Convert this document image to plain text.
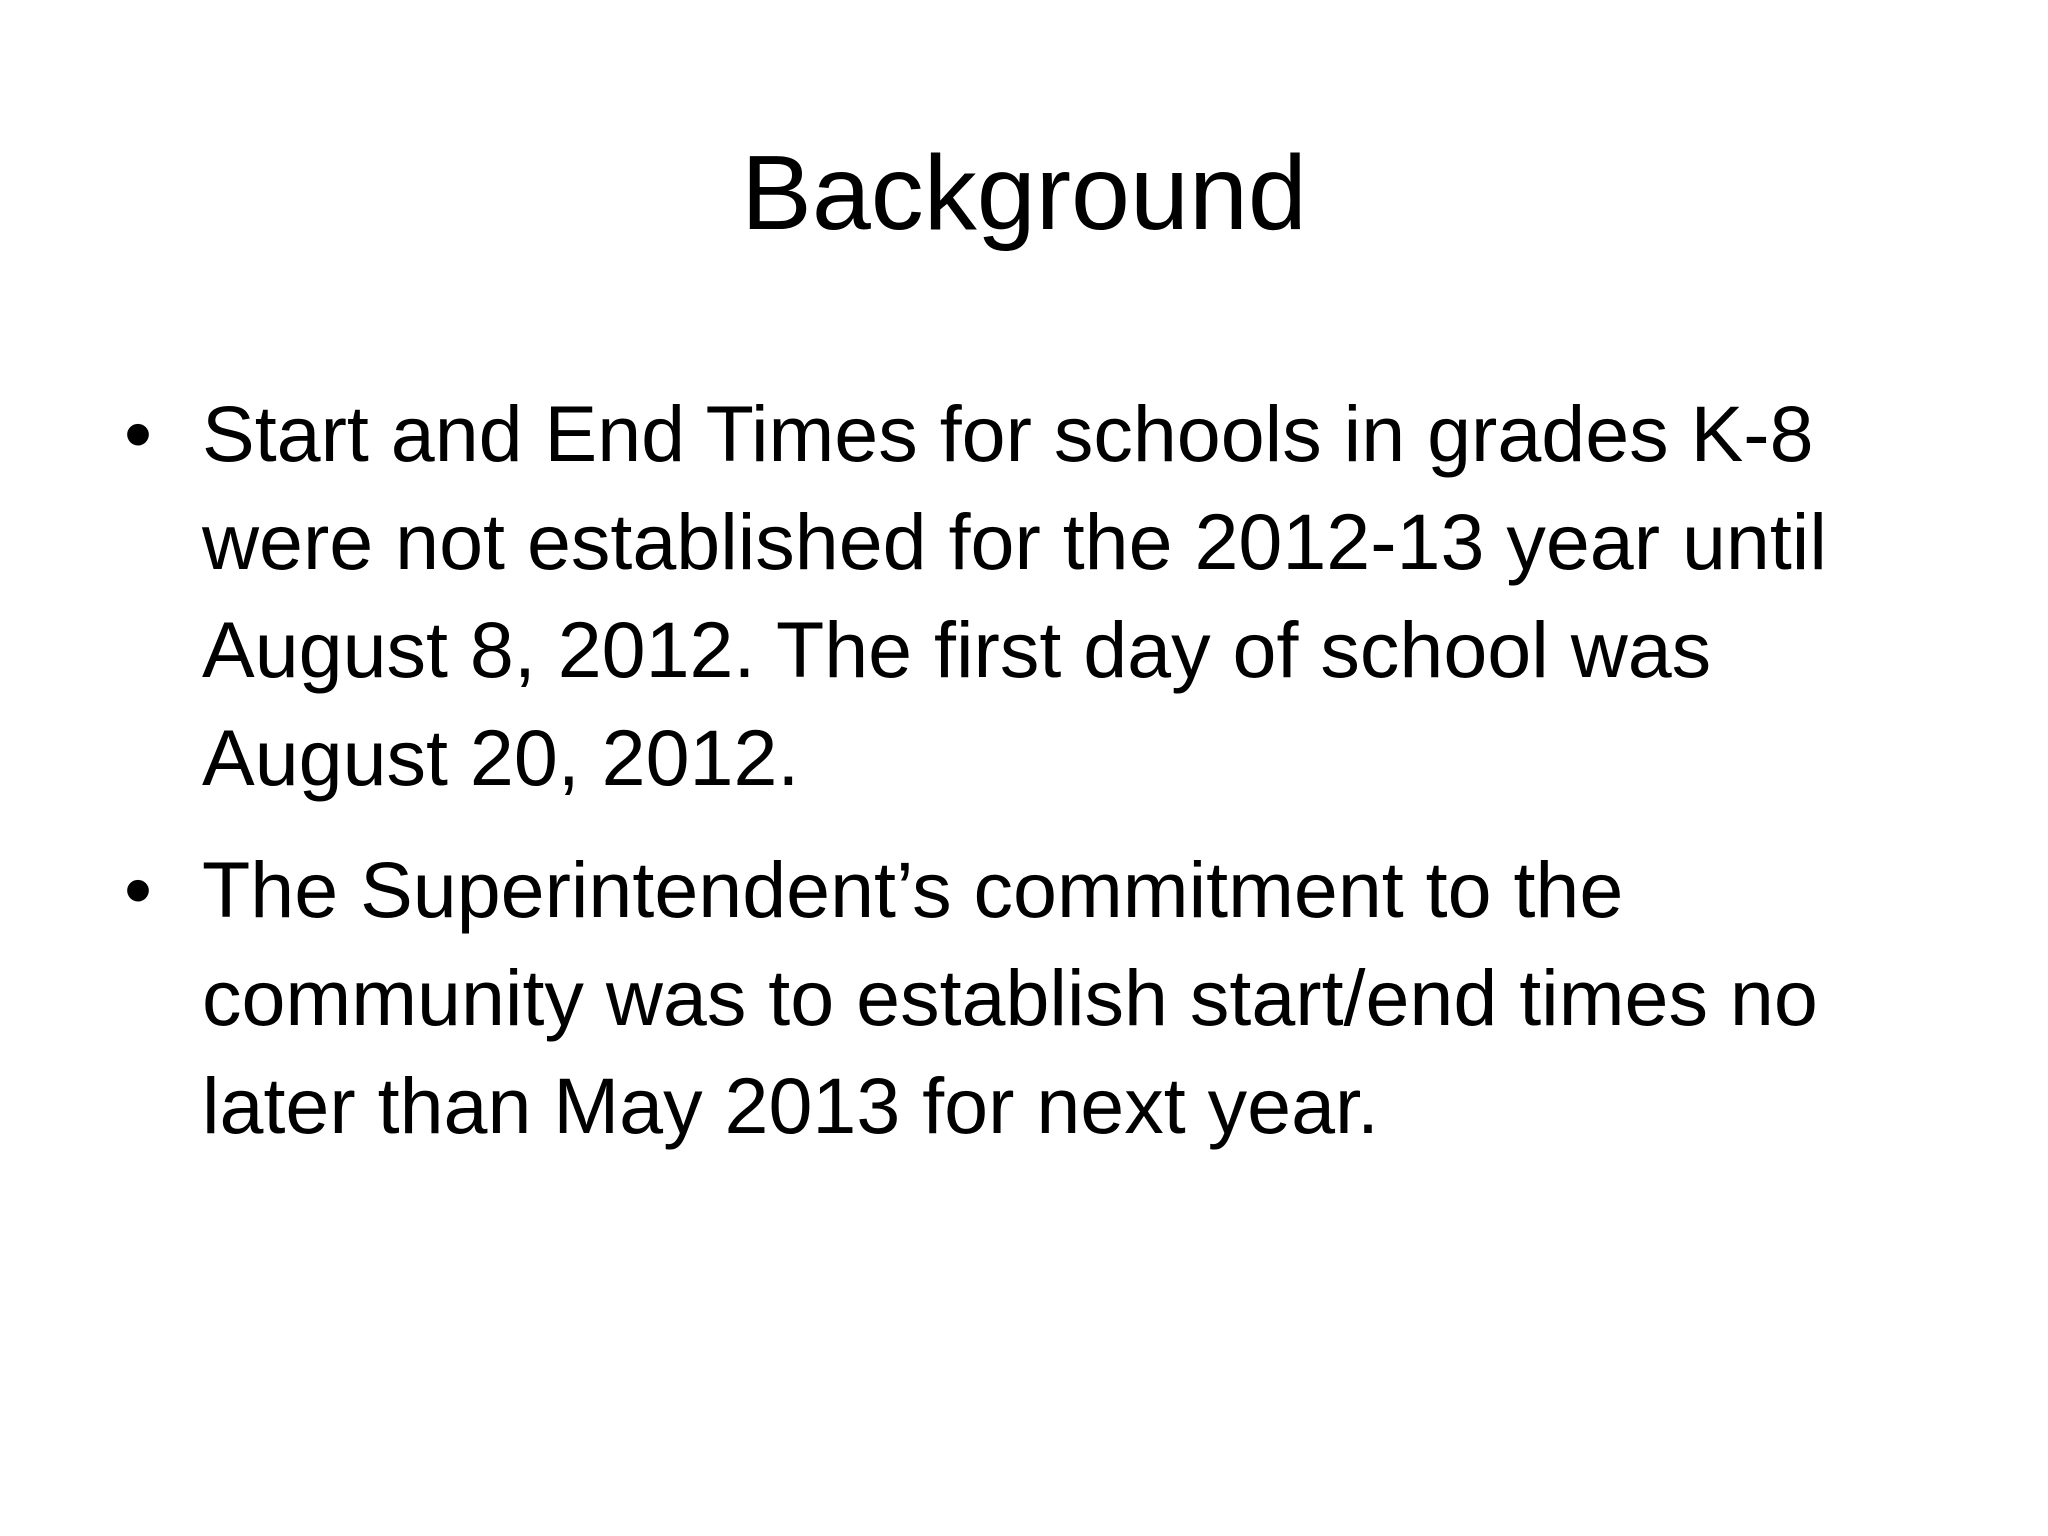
Background
• Start and End Times for schools in grades K-8 were not established for the 2012-13 year until August 8, 2012. The first day of school was August 20, 2012.
• The Superintendent’s commitment to the community was to establish start/end times no later than May 2013 for next year.
